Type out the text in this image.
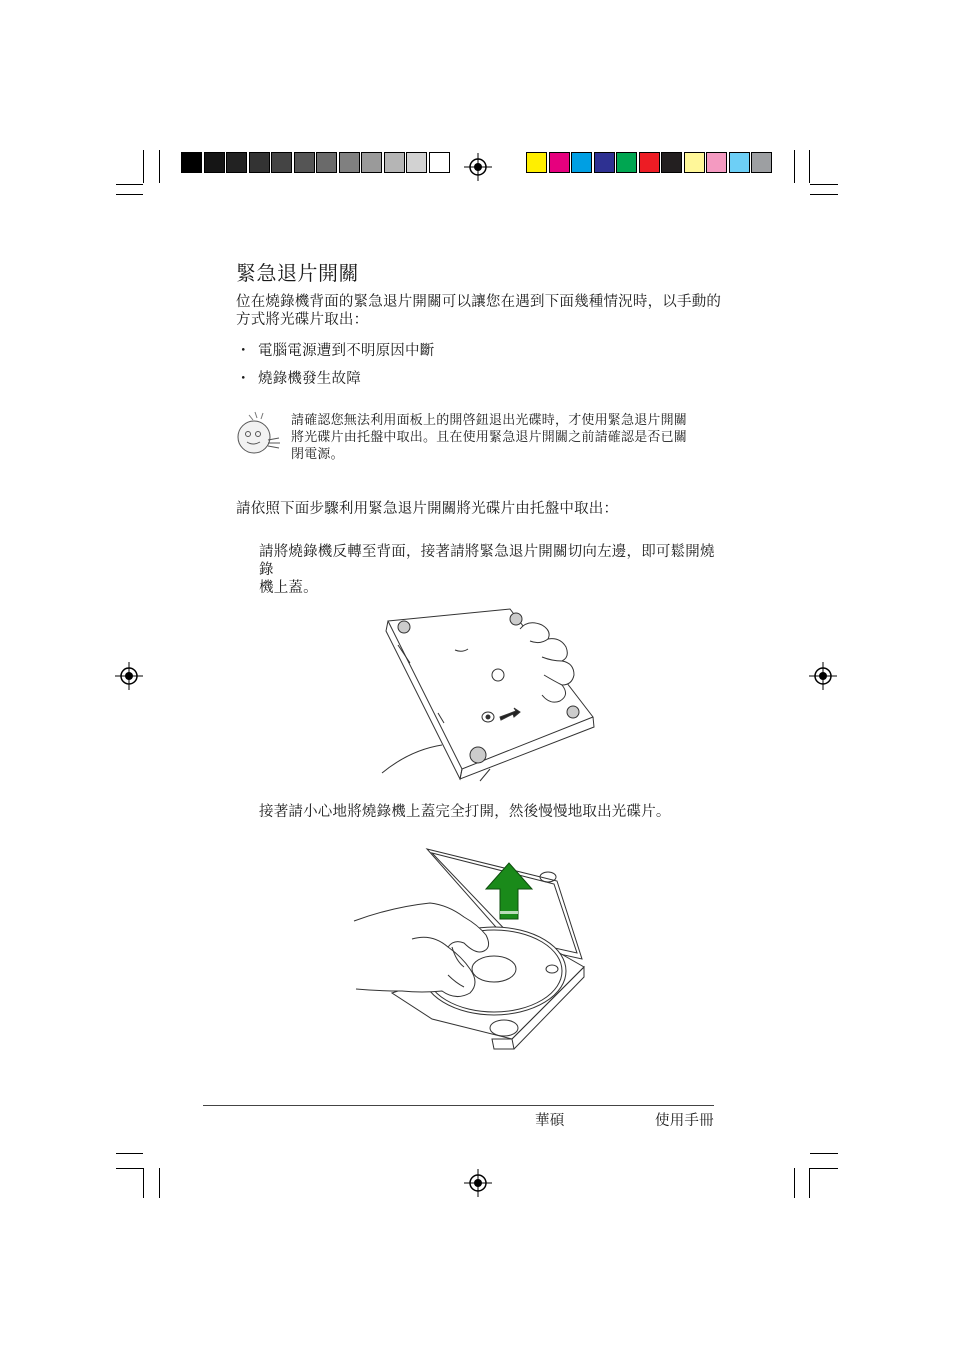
緊急退片開關
位在燒錄機背面的緊急退片開關可以讓您在遇到下面幾種情況時，以手動的
方式將光碟片取出：
・ 電腦電源遭到不明原因中斷
・ 燒錄機發生故障
請確認您無法利用面板上的開啓鈕退出光碟時，才使用緊急退片開關
將光碟片由托盤中取出。且在使用緊急退片開關之前請確認是否已關
閉電源。
請依照下面步驟利用緊急退片開關將光碟片由托盤中取出：
請將燒錄機反轉至背面，接著請將緊急退片開關切向左邊，即可鬆開燒錄
機上蓋。
接著請小心地將燒錄機上蓋完全打開，然後慢慢地取出光碟片。
華碩	使用手冊
